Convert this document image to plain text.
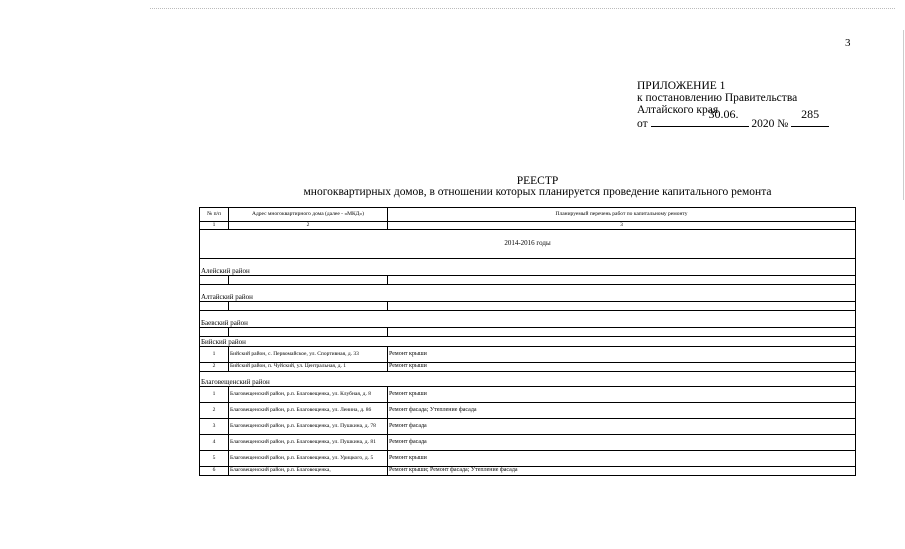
3
ПРИЛОЖЕНИЕ 1
к постановлению Правительства
Алтайского края
от
30.06.
2020 №
285
РЕЕСТР
многоквартирных домов, в отношении которых планируется проведение капитального ремонта
№ п/п	Адрес многоквартирного дома (далее - «МКД»)	Планируемый перечень работ по капитальному ремонту
1	2	3
2014-2016 годы		
Алейский район		

Алтайский район		

Баевский район		

Бийский район		
1	Бийский район, с. Первомайское, ул. Спортивная, д. 33	Ремонт крыши
2	Бийский район, п. Чуйский, ул. Центральная, д. 1	Ремонт крыши
Благовещенский район		
1	Благовещенский район, р.п. Благовещенка, ул. Клубная, д. 8	Ремонт крыши
2	Благовещенский район, р.п. Благовещенка, ул. Ленина, д. 86	Ремонт фасада; Утепление фасада
3	Благовещенский район, р.п. Благовещенка, ул. Пушкина, д. 78	Ремонт фасада
4	Благовещенский район, р.п. Благовещенка, ул. Пушкина, д. 81	Ремонт фасада
5	Благовещенский район, р.п. Благовещенка, ул. Урицкого, д. 5	Ремонт крыши
6	Благовещенский район, р.п. Благовещенка,	Ремонт крыши; Ремонт фасада; Утепление фасада
